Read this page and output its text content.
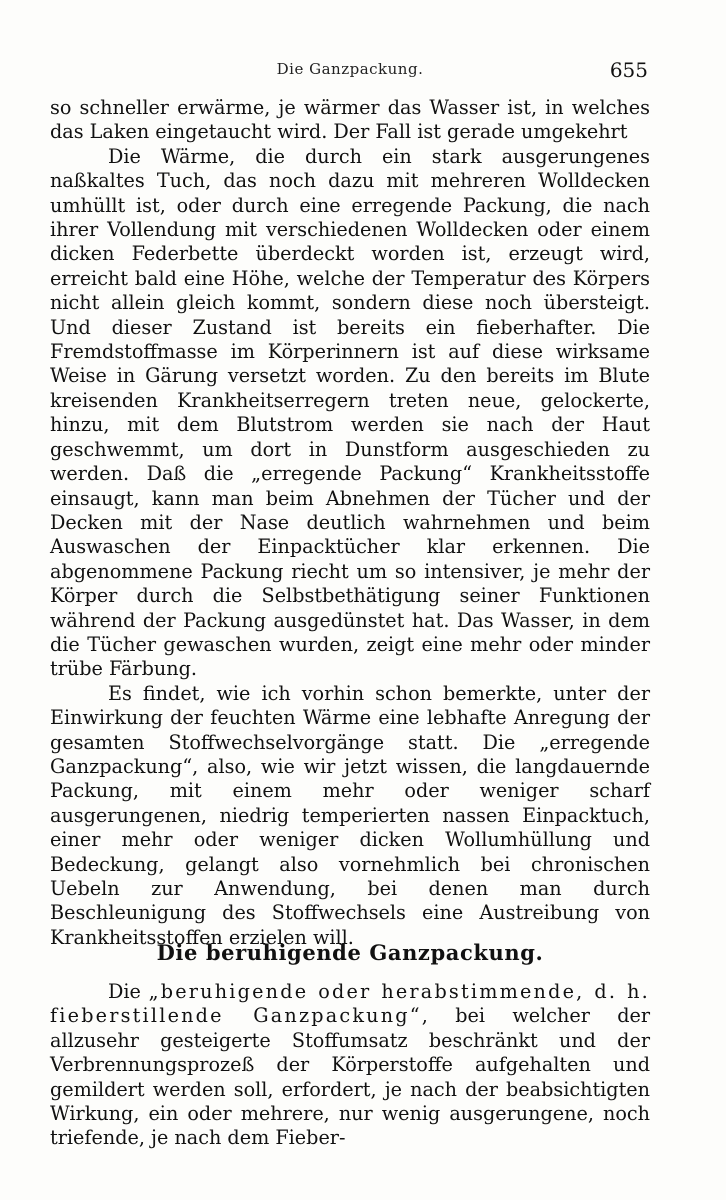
Die Ganzpackung.	655

so schneller erwärme, je wärmer das Wasser ist, in welches das Laken eingetaucht wird. Der Fall ist gerade umgekehrt

Die Wärme, die durch ein stark ausgerungenes naßkaltes Tuch, das noch dazu mit mehreren Wolldecken umhüllt ist, oder durch eine erregende Packung, die nach ihrer Vollendung mit verschiedenen Wolldecken oder einem dicken Federbette überdeckt worden ist, erzeugt wird, erreicht bald eine Höhe, welche der Temperatur des Körpers nicht allein gleich kommt, sondern diese noch übersteigt. Und dieser Zustand ist bereits ein fieberhafter. Die Fremdstoffmasse im Körperinnern ist auf diese wirksame Weise in Gärung versetzt worden. Zu den bereits im Blute kreisenden Krankheitserregern treten neue, gelockerte, hinzu, mit dem Blutstrom werden sie nach der Haut geschwemmt, um dort in Dunstform ausgeschieden zu werden. Daß die „erregende Packung“ Krankheitsstoffe einsaugt, kann man beim Abnehmen der Tücher und der Decken mit der Nase deutlich wahrnehmen und beim Auswaschen der Einpacktücher klar erkennen. Die abgenommene Packung riecht um so intensiver, je mehr der Körper durch die Selbstbethätigung seiner Funktionen während der Packung ausgedünstet hat. Das Wasser, in dem die Tücher gewaschen wurden, zeigt eine mehr oder minder trübe Färbung.

Es findet, wie ich vorhin schon bemerkte, unter der Einwirkung der feuchten Wärme eine lebhafte Anregung der gesamten Stoffwechselvorgänge statt. Die „erregende Ganzpackung“, also, wie wir jetzt wissen, die langdauernde Packung, mit einem mehr oder weniger scharf ausgerungenen, niedrig temperierten nassen Einpacktuch, einer mehr oder weniger dicken Wollumhüllung und Bedeckung, gelangt also vornehmlich bei chronischen Uebeln zur Anwendung, bei denen man durch Beschleunigung des Stoffwechsels eine Austreibung von Krankheitsstoffen erzielen will.

Die beruhigende Ganzpackung.

Die „beruhigende oder herabstimmende, d. h. fieberstillende Ganzpackung“, bei welcher der allzusehr gesteigerte Stoffumsatz beschränkt und der Verbrennungsprozeß der Körperstoffe aufgehalten und gemildert werden soll, erfordert, je nach der beabsichtigten Wirkung, ein oder mehrere, nur wenig ausgerungene, noch triefende, je nach dem Fieber-
